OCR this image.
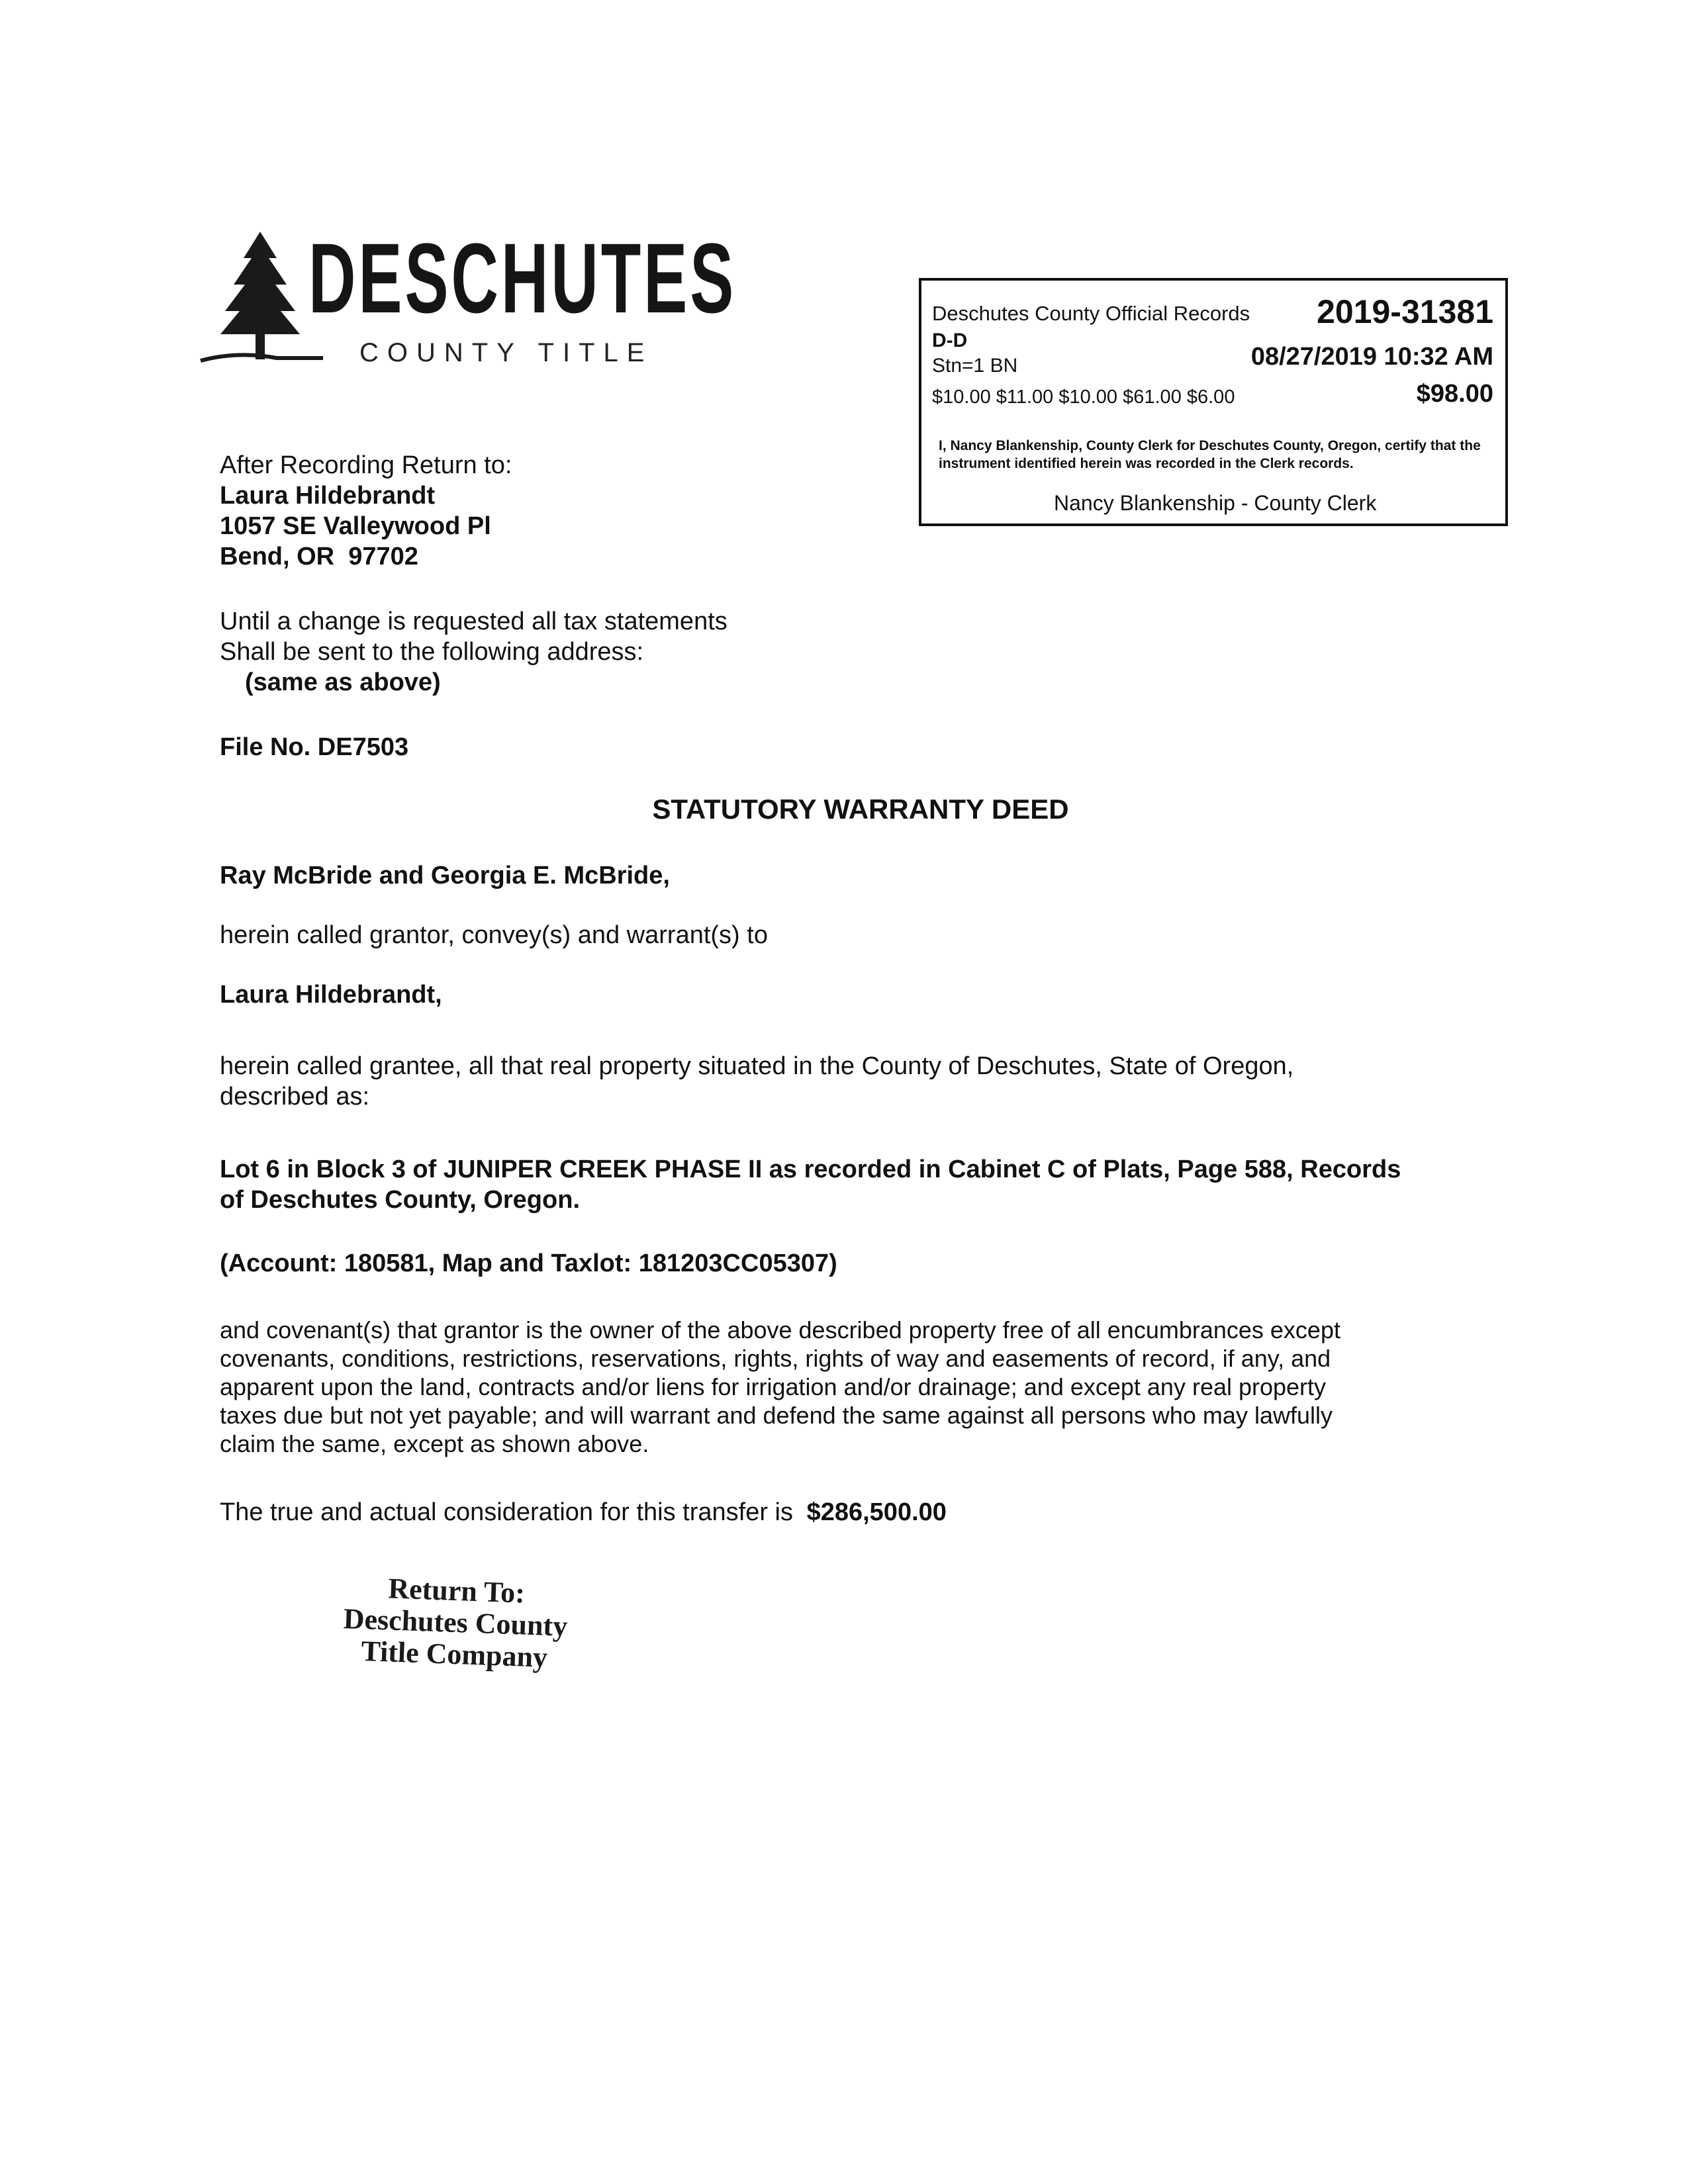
DESCHUTES

COUNTY TITLE

Deschutes County Official Records 2019-31381
D-D
Stn=1 BN	08/27/2019 10:32 AM
$10.00 $11.00 $10.00 $61.00 $6.00	$98.00
I, Nancy Blankenship, County Clerk for Deschutes County, Oregon, certify that the instrument identified herein was recorded in the Clerk records.
Nancy Blankenship - County Clerk
After Recording Return to:
Laura Hildebrandt
1057 SE Valleywood Pl
Bend, OR  97702
Until a change is requested all tax statements
Shall be sent to the following address:
(same as above)
File No. DE7503
STATUTORY WARRANTY DEED
Ray McBride and Georgia E. McBride,
herein called grantor, convey(s) and warrant(s) to
Laura Hildebrandt,
herein called grantee, all that real property situated in the County of Deschutes, State of Oregon,
described as:
Lot 6 in Block 3 of JUNIPER CREEK PHASE II as recorded in Cabinet C of Plats, Page 588, Records
of Deschutes County, Oregon.
(Account: 180581, Map and Taxlot: 181203CC05307)
and covenant(s) that grantor is the owner of the above described property free of all encumbrances except
covenants, conditions, restrictions, reservations, rights, rights of way and easements of record, if any, and
apparent upon the land, contracts and/or liens for irrigation and/or drainage; and except any real property
taxes due but not yet payable; and will warrant and defend the same against all persons who may lawfully
claim the same, except as shown above.
The true and actual consideration for this transfer is $286,500.00
Return To:
Deschutes County
Title Company
